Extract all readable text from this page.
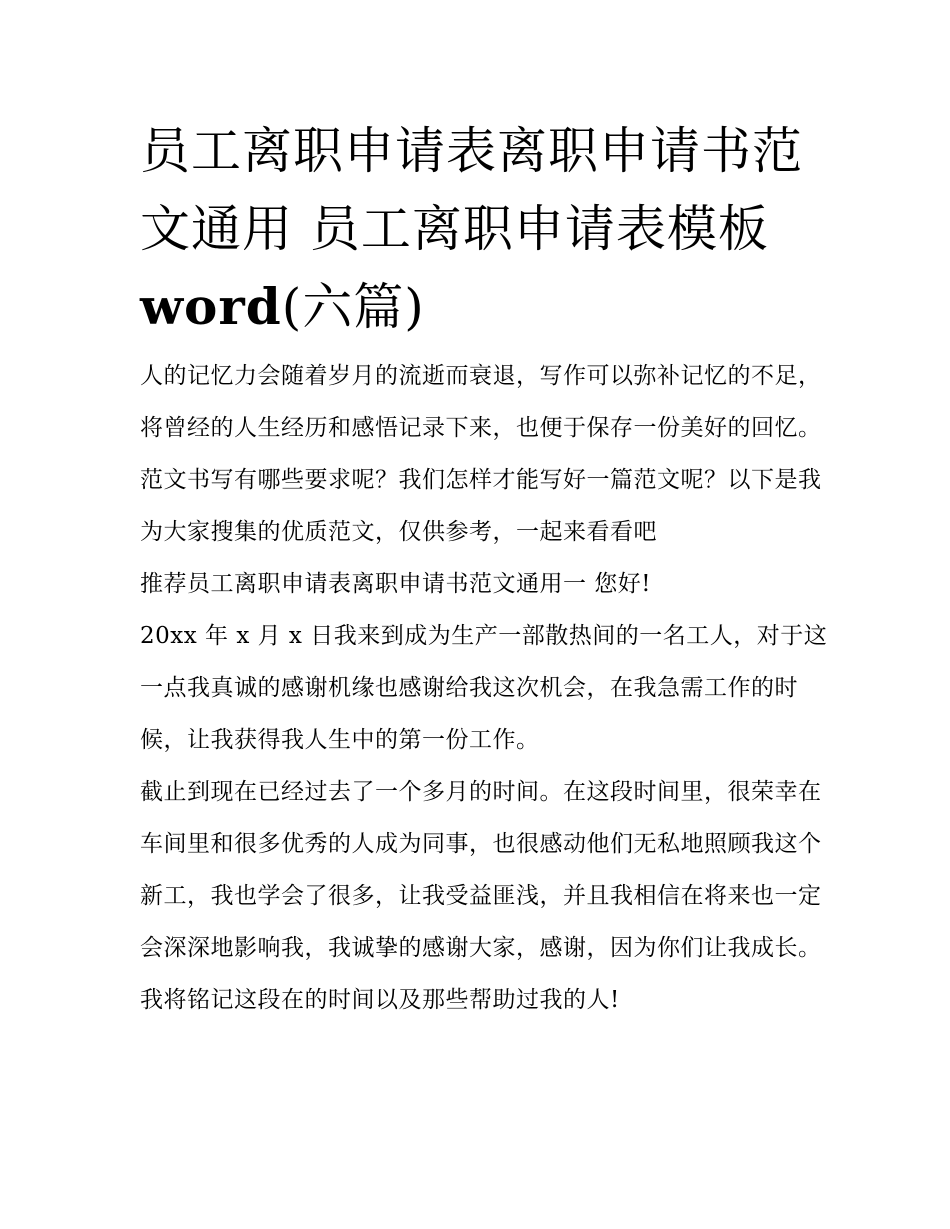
员工离职申请表离职申请书范
文通用 员工离职申请表模板
word(六篇)

人的记忆力会随着岁月的流逝而衰退，写作可以弥补记忆的不足，将曾经的人生经历和感悟记录下来，也便于保存一份美好的回忆。范文书写有哪些要求呢？我们怎样才能写好一篇范文呢？以下是我为大家搜集的优质范文，仅供参考，一起来看看吧

推荐员工离职申请表离职申请书范文通用一 您好!

20xx 年 x 月 x 日我来到成为生产一部散热间的一名工人，对于这一点我真诚的感谢机缘也感谢给我这次机会，在我急需工作的时候，让我获得我人生中的第一份工作。

截止到现在已经过去了一个多月的时间。在这段时间里，很荣幸在车间里和很多优秀的人成为同事，也很感动他们无私地照顾我这个新工，我也学会了很多，让我受益匪浅，并且我相信在将来也一定会深深地影响我，我诚挚的感谢大家，感谢，因为你们让我成长。我将铭记这段在的时间以及那些帮助过我的人!
